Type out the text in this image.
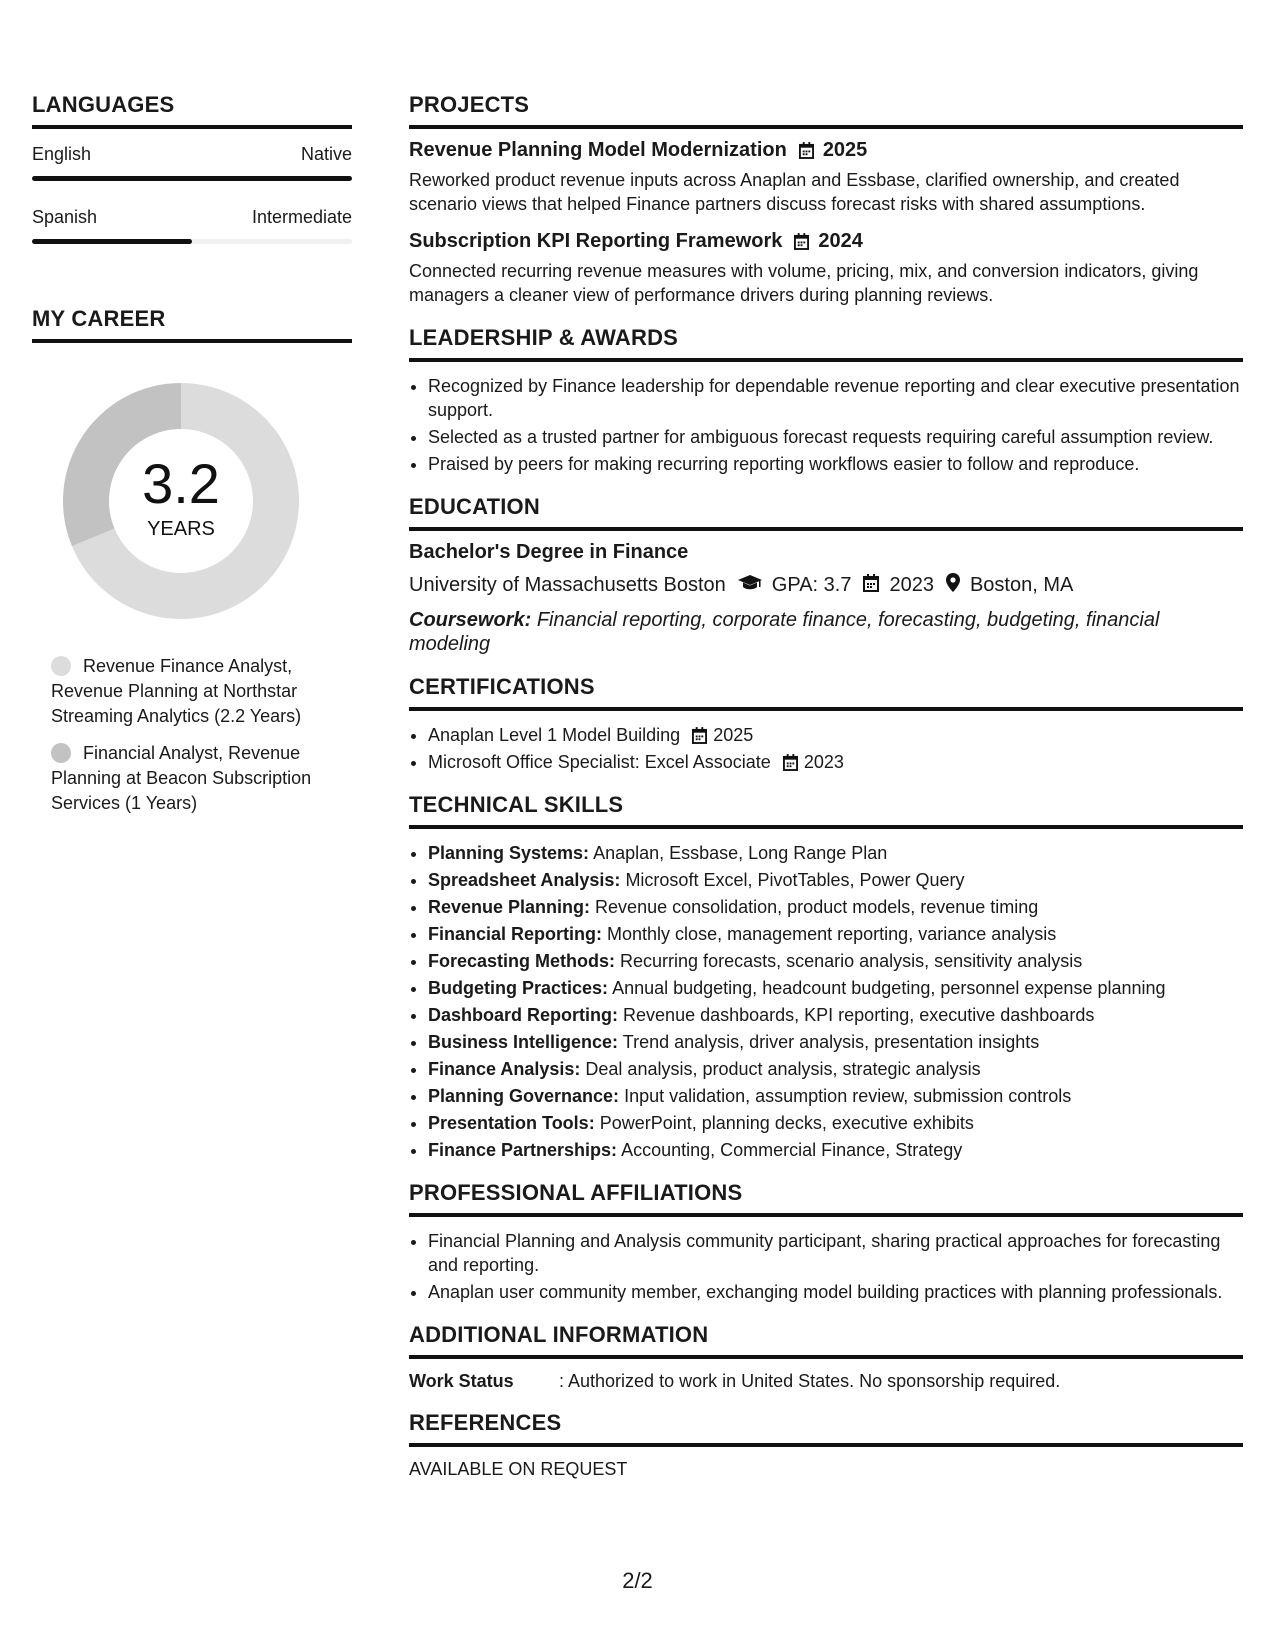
LANGUAGES
English	Native
Spanish	Intermediate
MY CAREER
3.2
YEARS
Revenue Finance Analyst, Revenue Planning at Northstar Streaming Analytics (2.2 Years)
Financial Analyst, Revenue Planning at Beacon Subscription Services (1 Years)
PROJECTS
Revenue Planning Model Modernization 2025
Reworked product revenue inputs across Anaplan and Essbase, clarified ownership, and created scenario views that helped Finance partners discuss forecast risks with shared assumptions.
Subscription KPI Reporting Framework 2024
Connected recurring revenue measures with volume, pricing, mix, and conversion indicators, giving managers a cleaner view of performance drivers during planning reviews.
LEADERSHIP & AWARDS
• Recognized by Finance leadership for dependable revenue reporting and clear executive presentation support.
• Selected as a trusted partner for ambiguous forecast requests requiring careful assumption review.
• Praised by peers for making recurring reporting workflows easier to follow and reproduce.
EDUCATION
Bachelor's Degree in Finance
University of Massachusetts Boston GPA: 3.7 2023 Boston, MA
Coursework: Financial reporting, corporate finance, forecasting, budgeting, financial modeling
CERTIFICATIONS
• Anaplan Level 1 Model Building 2025
• Microsoft Office Specialist: Excel Associate 2023
TECHNICAL SKILLS
• Planning Systems: Anaplan, Essbase, Long Range Plan
• Spreadsheet Analysis: Microsoft Excel, PivotTables, Power Query
• Revenue Planning: Revenue consolidation, product models, revenue timing
• Financial Reporting: Monthly close, management reporting, variance analysis
• Forecasting Methods: Recurring forecasts, scenario analysis, sensitivity analysis
• Budgeting Practices: Annual budgeting, headcount budgeting, personnel expense planning
• Dashboard Reporting: Revenue dashboards, KPI reporting, executive dashboards
• Business Intelligence: Trend analysis, driver analysis, presentation insights
• Finance Analysis: Deal analysis, product analysis, strategic analysis
• Planning Governance: Input validation, assumption review, submission controls
• Presentation Tools: PowerPoint, planning decks, executive exhibits
• Finance Partnerships: Accounting, Commercial Finance, Strategy
PROFESSIONAL AFFILIATIONS
• Financial Planning and Analysis community participant, sharing practical approaches for forecasting and reporting.
• Anaplan user community member, exchanging model building practices with planning professionals.
ADDITIONAL INFORMATION
Work Status	: Authorized to work in United States. No sponsorship required.
REFERENCES
AVAILABLE ON REQUEST
2/2
